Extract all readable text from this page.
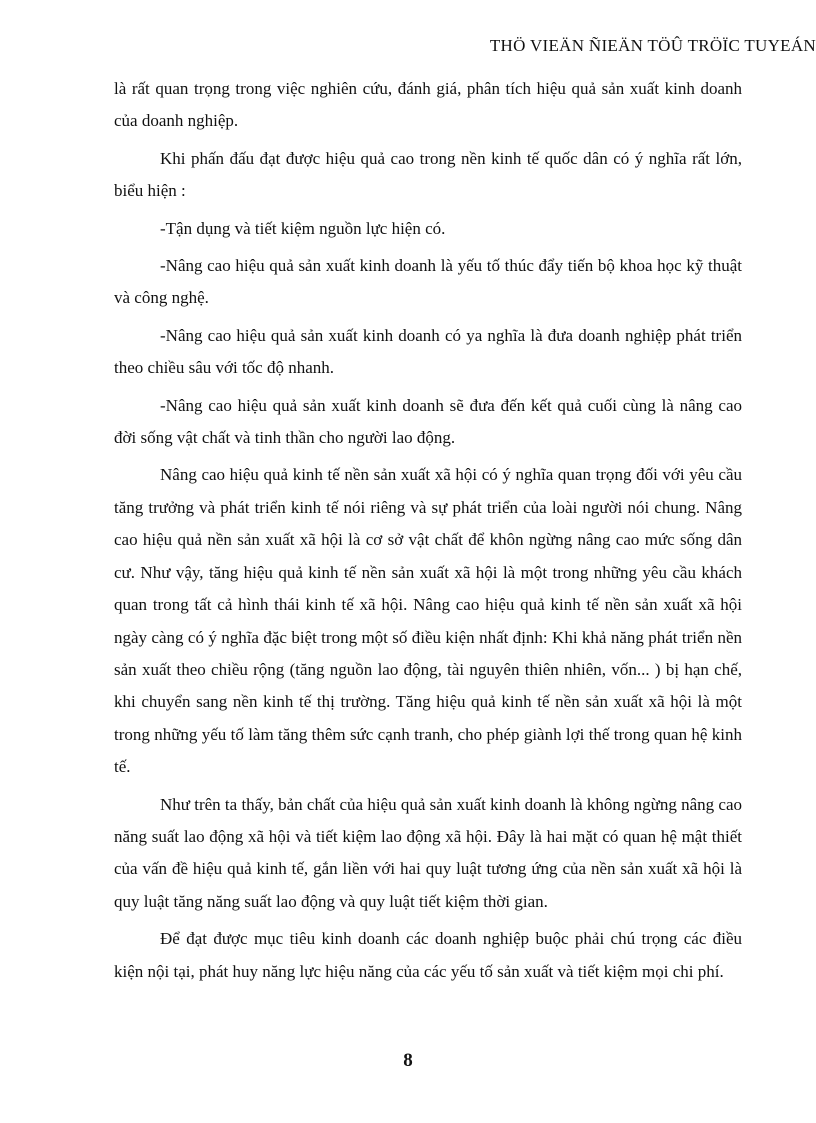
THÖ VIEÄN ÑIEÄN TÖÛ TRÖÏC TUYEÁN

là rất quan trọng trong việc nghiên cứu, đánh giá, phân tích hiệu quả sản xuất kinh doanh của doanh nghiệp.

Khi phấn đấu đạt được hiệu quả cao trong nền kinh tế quốc dân có ý nghĩa rất lớn, biểu hiện :

-Tận dụng và tiết kiệm nguồn lực hiện có.

-Nâng cao hiệu quả sản xuất kinh doanh là yếu tố thúc đẩy tiến bộ khoa học kỹ thuật và công nghệ.

-Nâng cao hiệu quả sản xuất kinh doanh có ya nghĩa là đưa doanh nghiệp phát triển theo chiều sâu với tốc độ nhanh.

-Nâng cao hiệu quả sản xuất kinh doanh sẽ đưa đến kết quả cuối cùng là nâng cao đời sống vật chất và tinh thần cho người lao động.

Nâng cao hiệu quả kinh tế nền sản xuất xã hội có ý nghĩa quan trọng đối với yêu cầu tăng trưởng và phát triển kinh tế nói riêng và sự phát triển của loài người nói chung. Nâng cao hiệu quả nền sản xuất xã hội là cơ sở vật chất để khôn ngừng nâng cao mức sống dân cư. Như vậy, tăng hiệu quả kinh tế nền sản xuất xã hội là một trong những yêu cầu khách quan trong tất cả hình thái kinh tế xã hội. Nâng cao hiệu quả kinh tế nền sản xuất xã hội ngày càng có ý nghĩa đặc biệt trong một số điều kiện nhất định: Khi khả năng phát triển nền sản xuất theo chiều rộng (tăng nguồn lao động, tài nguyên thiên nhiên, vốn... ) bị hạn chế, khi chuyển sang nền kinh tế thị trường. Tăng hiệu quả kinh tế nền sản xuất xã hội là một trong những yếu tố làm tăng thêm sức cạnh tranh, cho phép giành lợi thế trong quan hệ kinh tế.

Như trên ta thấy, bản chất của hiệu quả sản xuất kinh doanh là không ngừng nâng cao năng suất lao động xã hội và tiết kiệm lao động xã hội. Đây là hai mặt có quan hệ mật thiết của vấn đề hiệu quả kinh tế, gắn liền với hai quy luật tương ứng của nền sản xuất xã hội là quy luật tăng năng suất lao động và quy luật tiết kiệm thời gian.

Để đạt được mục tiêu kinh doanh các doanh nghiệp buộc phải chú trọng các điều kiện nội tại, phát huy năng lực hiệu năng của các yếu tố sản xuất và tiết kiệm mọi chi phí.

8
